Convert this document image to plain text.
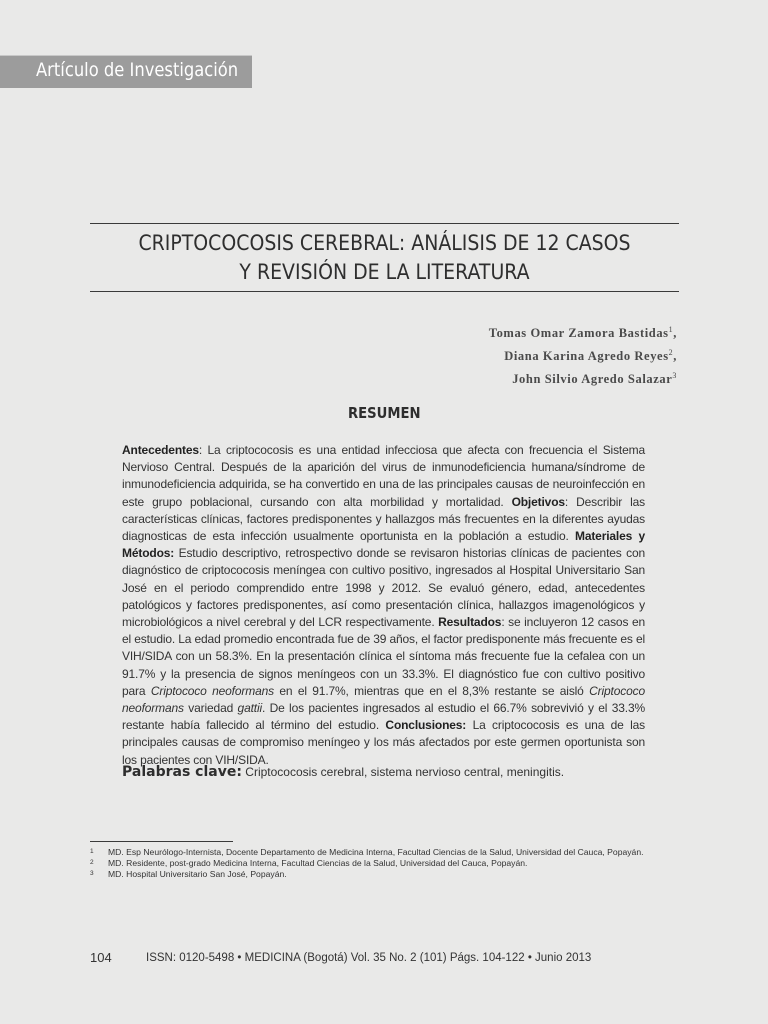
Artículo de Investigación
CRIPTOCOCOSIS CEREBRAL: ANÁLISIS DE 12 CASOS
Y REVISIÓN DE LA LITERATURA
Tomas Omar Zamora Bastidas$^1$,
Diana Karina Agredo Reyes$^2$,
John Silvio Agredo Salazar$^3$
RESUMEN
Antecedentes: La criptococosis es una entidad infecciosa que afecta con frecuencia el Sistema Nervioso Central. Después de la aparición del virus de inmunodeficiencia humana/síndrome de inmunodeficiencia adquirida, se ha convertido en una de las principales causas de neuroinfección en este grupo poblacional, cursando con alta morbilidad y mortalidad. Objetivos: Describir las características clínicas, factores predisponentes y hallazgos más frecuentes en la diferentes ayudas diagnosticas de esta infección usualmente oportunista en la población a estudio. Materiales y Métodos: Estudio descriptivo, retrospectivo donde se revisaron historias clínicas de pacientes con diagnóstico de criptococosis meníngea con cultivo positivo, ingresados al Hospital Universitario San José en el periodo comprendido entre 1998 y 2012. Se evaluó género, edad, antecedentes patológicos y factores predisponentes, así como presentación clínica, hallazgos imagenológicos y microbiológicos a nivel cerebral y del LCR respectivamente. Resultados: se incluyeron 12 casos en el estudio. La edad promedio encontrada fue de 39 años, el factor predisponente más frecuente es el VIH/SIDA con un 58.3%. En la presentación clínica el síntoma más frecuente fue la cefalea con un 91.7% y la presencia de signos meníngeos con un 33.3%. El diagnóstico fue con cultivo positivo para Criptococo neoformans en el 91.7%, mientras que en el 8,3% restante se aisló Criptococo neoformans variedad gattii. De los pacientes ingresados al estudio el 66.7% sobrevivió y el 33.3% restante había fallecido al término del estudio. Conclusiones: La criptococosis es una de las principales causas de compromiso meníngeo y los más afectados por este germen oportunista son los pacientes con VIH/SIDA.
Palabras clave: Criptococosis cerebral, sistema nervioso central, meningitis.
1	MD. Esp Neurólogo-Internista, Docente Departamento de Medicina Interna, Facultad Ciencias de la Salud, Universidad del Cauca, Popayán.
2	MD. Residente, post-grado Medicina Interna, Facultad Ciencias de la Salud, Universidad del Cauca, Popayán.
3	MD. Hospital Universitario San José, Popayán.
104	ISSN: 0120-5498 • MEDICINA (Bogotá) Vol. 35 No. 2 (101) Págs. 104-122 • Junio 2013
